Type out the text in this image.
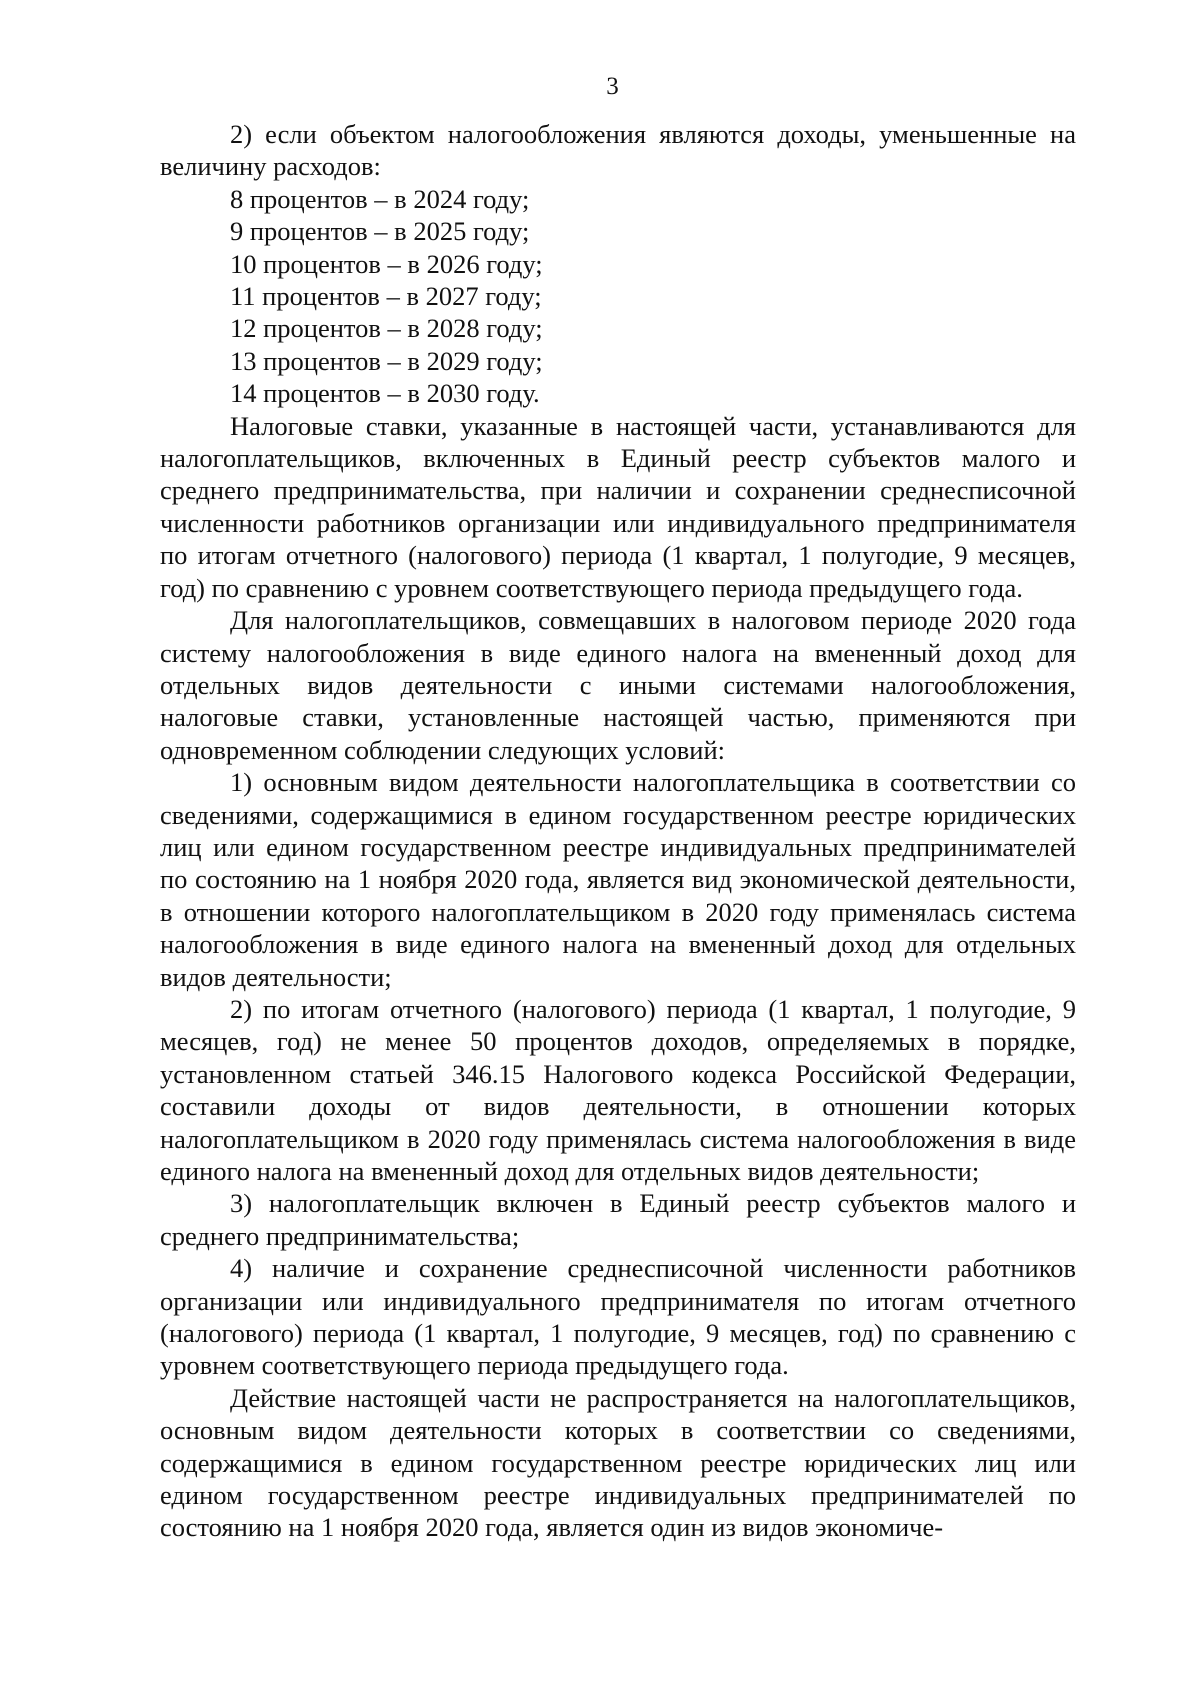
3

2) если объектом налогообложения являются доходы, уменьшенные на величину расходов:

8 процентов – в 2024 году;

9 процентов – в 2025 году;

10 процентов – в 2026 году;

11 процентов – в 2027 году;

12 процентов – в 2028 году;

13 процентов – в 2029 году;

14 процентов – в 2030 году.

Налоговые ставки, указанные в настоящей части, устанавливаются для налогоплательщиков, включенных в Единый реестр субъектов малого и среднего предпринимательства, при наличии и сохранении среднесписочной численности работников организации или индивидуального предпринимателя по итогам отчетного (налогового) периода (1 квартал, 1 полугодие, 9 месяцев, год) по сравнению с уровнем соответствующего периода предыдущего года.

Для налогоплательщиков, совмещавших в налоговом периоде 2020 года систему налогообложения в виде единого налога на вмененный доход для отдельных видов деятельности с иными системами налогообложения, налоговые ставки, установленные настоящей частью, применяются при одновременном соблюдении следующих условий:

1) основным видом деятельности налогоплательщика в соответствии со сведениями, содержащимися в едином государственном реестре юридических лиц или едином государственном реестре индивидуальных предпринимателей по состоянию на 1 ноября 2020 года, является вид экономической деятельности, в отношении которого налогоплательщиком в 2020 году применялась система налогообложения в виде единого налога на вмененный доход для отдельных видов деятельности;

2) по итогам отчетного (налогового) периода (1 квартал, 1 полугодие, 9 месяцев, год) не менее 50 процентов доходов, определяемых в порядке, установленном статьей 346.15 Налогового кодекса Российской Федерации, составили доходы от видов деятельности, в отношении которых налогоплательщиком в 2020 году применялась система налогообложения в виде единого налога на вмененный доход для отдельных видов деятельности;

3) налогоплательщик включен в Единый реестр субъектов малого и среднего предпринимательства;

4) наличие и сохранение среднесписочной численности работников организации или индивидуального предпринимателя по итогам отчетного (налогового) периода (1 квартал, 1 полугодие, 9 месяцев, год) по сравнению с уровнем соответствующего периода предыдущего года.

Действие настоящей части не распространяется на налогоплательщиков, основным видом деятельности которых в соответствии со сведениями, содержащимися в едином государственном реестре юридических лиц или едином государственном реестре индивидуальных предпринимателей по состоянию на 1 ноября 2020 года, является один из видов экономиче-
